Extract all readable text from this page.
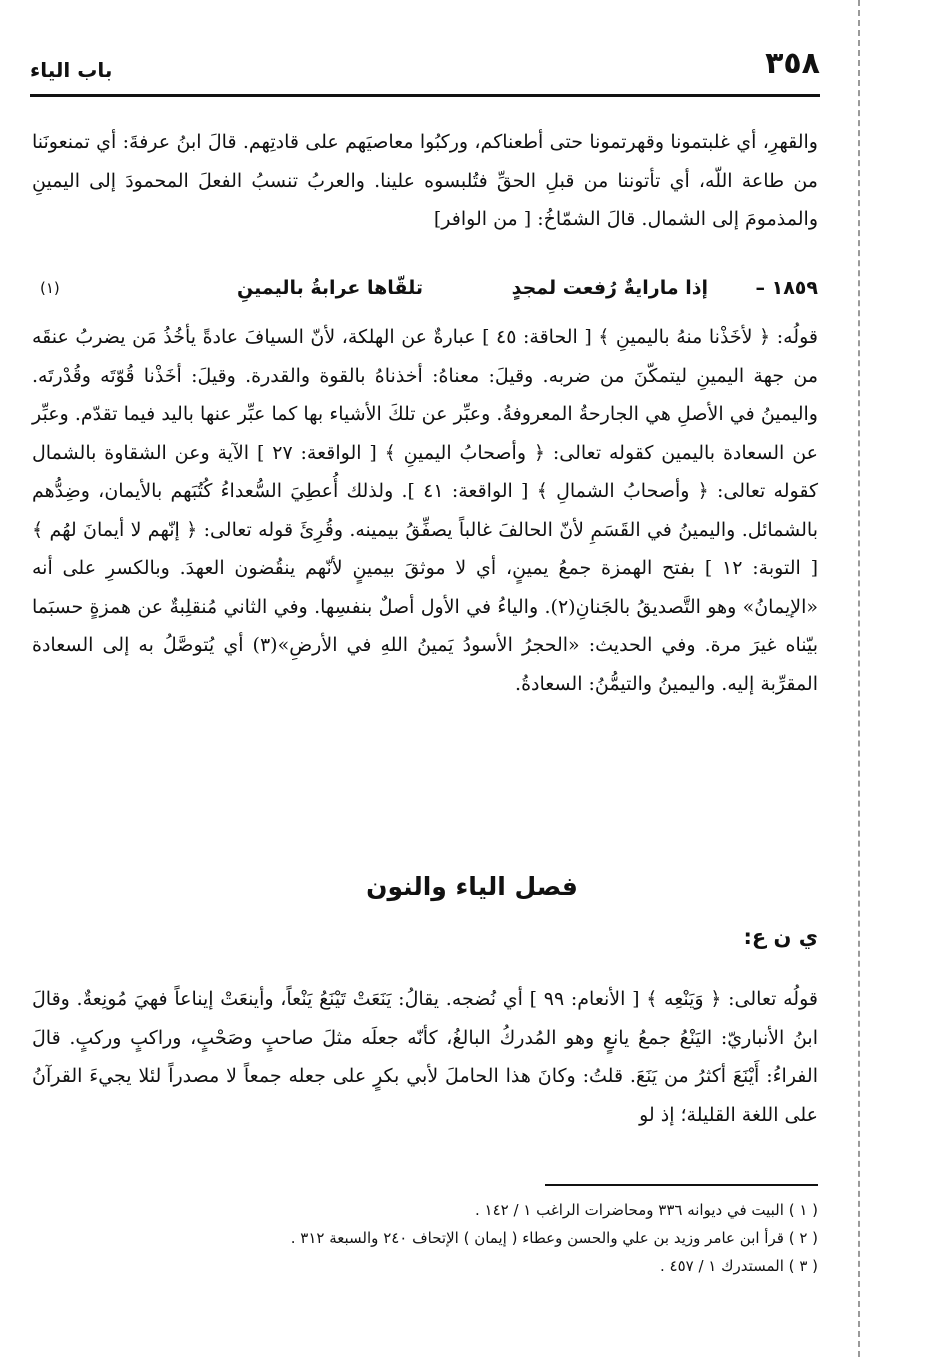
٣٥٨
باب الياء

والقهرِ، أي غلبتمونا وقهرتمونا حتى أطعناكم، وركبُوا معاصيَهم على قادتِهم. قالَ ابنُ عرفةَ: أي تمنعونَنا من طاعة اللّه، أي تأتوننا من قبلِ الحقِّ فتُلبسوه علينا. والعربُ تنسبُ الفعلَ المحمودَ إلى اليمينِ والمذمومَ إلى الشمال. قالَ الشمّاخُ: [ من الوافر]

١٨٥٩ –
إذا مارايةٌ رُفعت لمجدٍ
تلقّاها عرابةُ باليمينِ
(١)

قولُه: ﴿ لأخَذْنا منهُ باليمينِ ﴾ [ الحاقة: ٤٥ ] عبارةٌ عن الهلكة، لأنّ السيافَ عادةً يأخُذُ مَن يضربُ عنقَه من جهة اليمينِ ليتمكّنَ من ضربه. وقيلَ: معناهُ: أخذناهُ بالقوة والقدرة. وقيلَ: أخَذْنا قُوّتَه وقُدْرتَه. واليمينُ في الأصلِ هي الجارحةُ المعروفةُ. وعبِّر عن تلكَ الأشياء بها كما عبِّر عنها باليد فيما تقدّم. وعبِّر عن السعادة باليمين كقوله تعالى: ﴿ وأصحابُ اليمينِ ﴾ [ الواقعة: ٢٧ ] الآية وعن الشقاوة بالشمال كقوله تعالى: ﴿ وأصحابُ الشمالِ ﴾ [ الواقعة: ٤١ ]. ولذلك أُعطِيَ السُّعداءُ كُتُبَهم بالأيمان، وضِدُّهم بالشمائل. واليمينُ في القَسَمِ لأنّ الحالفَ غالباً يصفِّقُ بيمينه. وقُرِئَ قوله تعالى: ﴿ إنّهم لا أيمانَ لهُم ﴾ [ التوبة: ١٢ ] بفتح الهمزة جمعُ يمينٍ، أي لا موثقَ بيمينٍ لأنّهم ينقُضون العهدَ. وبالكسرِ على أنه «الإيمانُ» وهو التَّصديقُ بالجَنانِ(٢). والياءُ في الأول أصلٌ بنفسِها. وفي الثاني مُنقلِبةٌ عن همزةٍ حسبَما بيّناه غيرَ مرة. وفي الحديث: «الحجرُ الأسودُ يَمينُ اللهِ في الأرضِ»(٣) أي يُتوصَّلُ به إلى السعادة المقرِّبة إليه. واليمينُ والتيمُّنُ: السعادةُ.

فصل الياء والنون
ي ن ع:

قولُه تعالى: ﴿ وَيَنْعِه ﴾ [ الأنعام: ٩٩ ] أي نُضجه. يقالُ: يَنَعَتْ تَيْنَعُ يَنْعاً، وأينعَتْ إيناعاً فهيَ مُونِعةٌ. وقالَ ابنُ الأنباريّ: اليَنْعُ جمعُ يانعٍ وهو المُدركُ البالغُ، كأنّه جعلَه مثلَ صاحبٍ وصَحْبٍ، وراكبٍ وركبٍ. قالَ الفراءُ: أَيْنَعَ أكثرُ من يَنَعَ. قلتُ: وكانَ هذا الحاملَ لأبي بكرٍ على جعله جمعاً لا مصدراً لئلا يجيءَ القرآنُ على اللغة القليلة؛ إذ لو

( ١ ) البيت في ديوانه ٣٣٦ ومحاضرات الراغب ١ / ١٤٢ .
( ٢ ) قرأ ابن عامر وزيد بن علي والحسن وعطاء ( إيمان ) الإتحاف ٢٤٠ والسبعة ٣١٢ .
( ٣ ) المستدرك ١ / ٤٥٧ .
